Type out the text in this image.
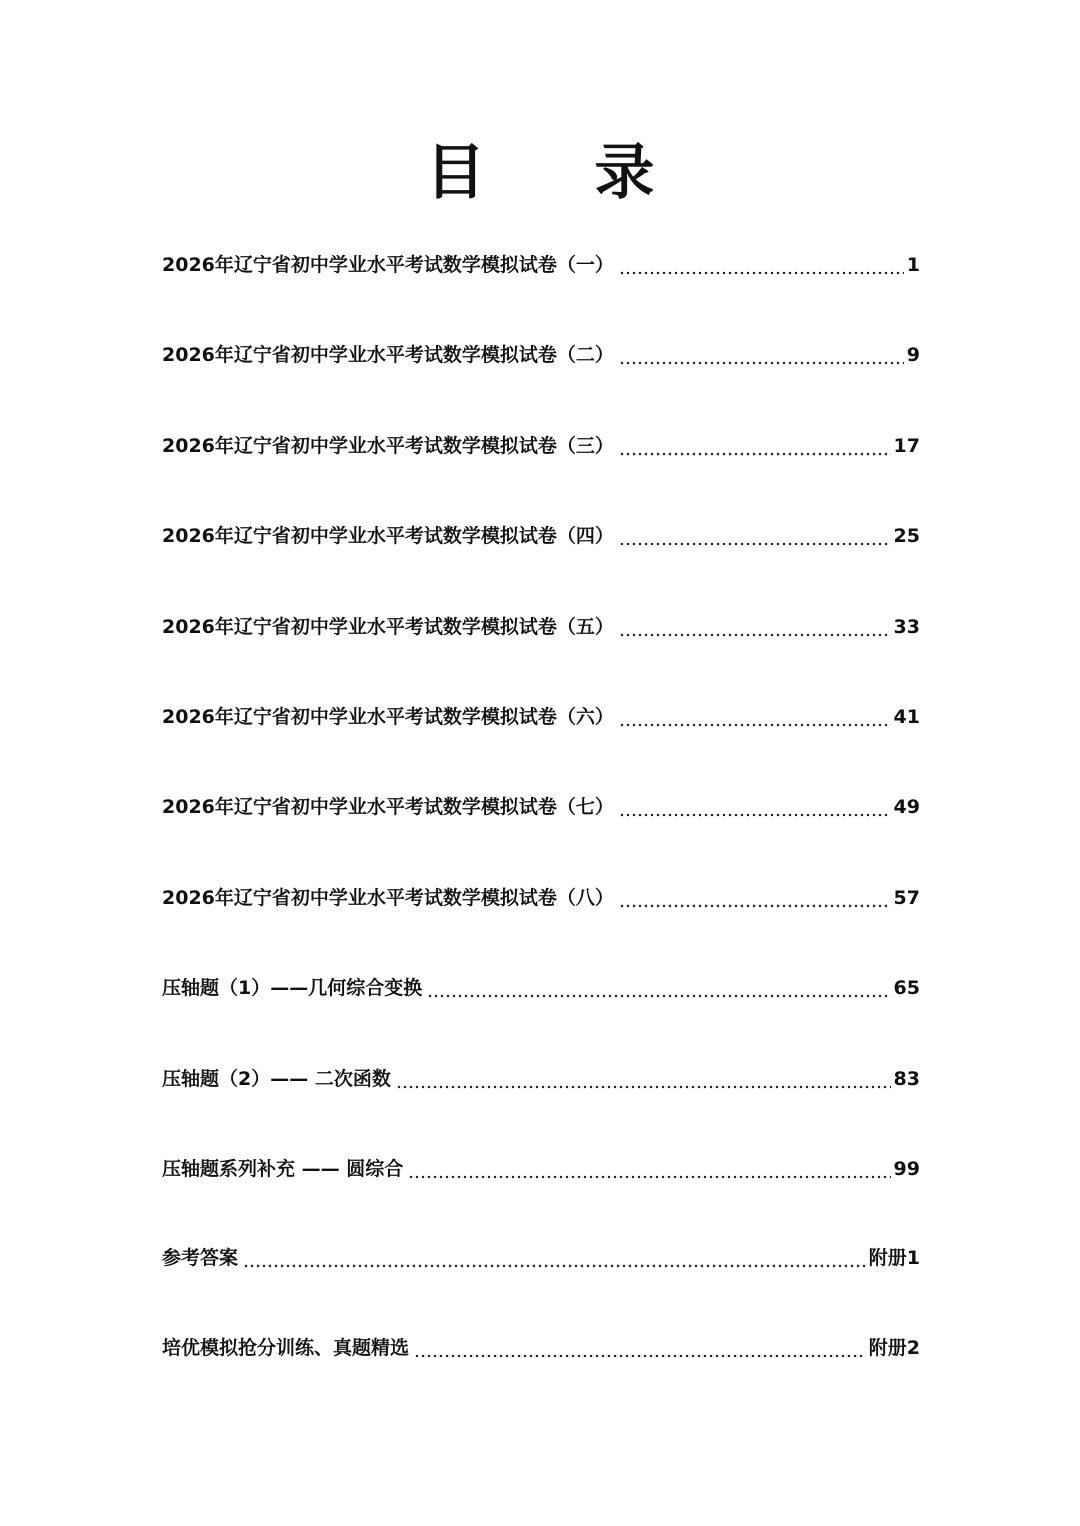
目 录
2026年辽宁省初中学业水平考试数学模拟试卷（一）	1
2026年辽宁省初中学业水平考试数学模拟试卷（二）	9
2026年辽宁省初中学业水平考试数学模拟试卷（三）	17
2026年辽宁省初中学业水平考试数学模拟试卷（四）	25
2026年辽宁省初中学业水平考试数学模拟试卷（五）	33
2026年辽宁省初中学业水平考试数学模拟试卷（六）	41
2026年辽宁省初中学业水平考试数学模拟试卷（七）	49
2026年辽宁省初中学业水平考试数学模拟试卷（八）	57
压轴题（1）——几何综合变换	65
压轴题（2）—— 二次函数	83
压轴题系列补充 —— 圆综合	99
参考答案	附册1
培优模拟抢分训练、真题精选	附册2
